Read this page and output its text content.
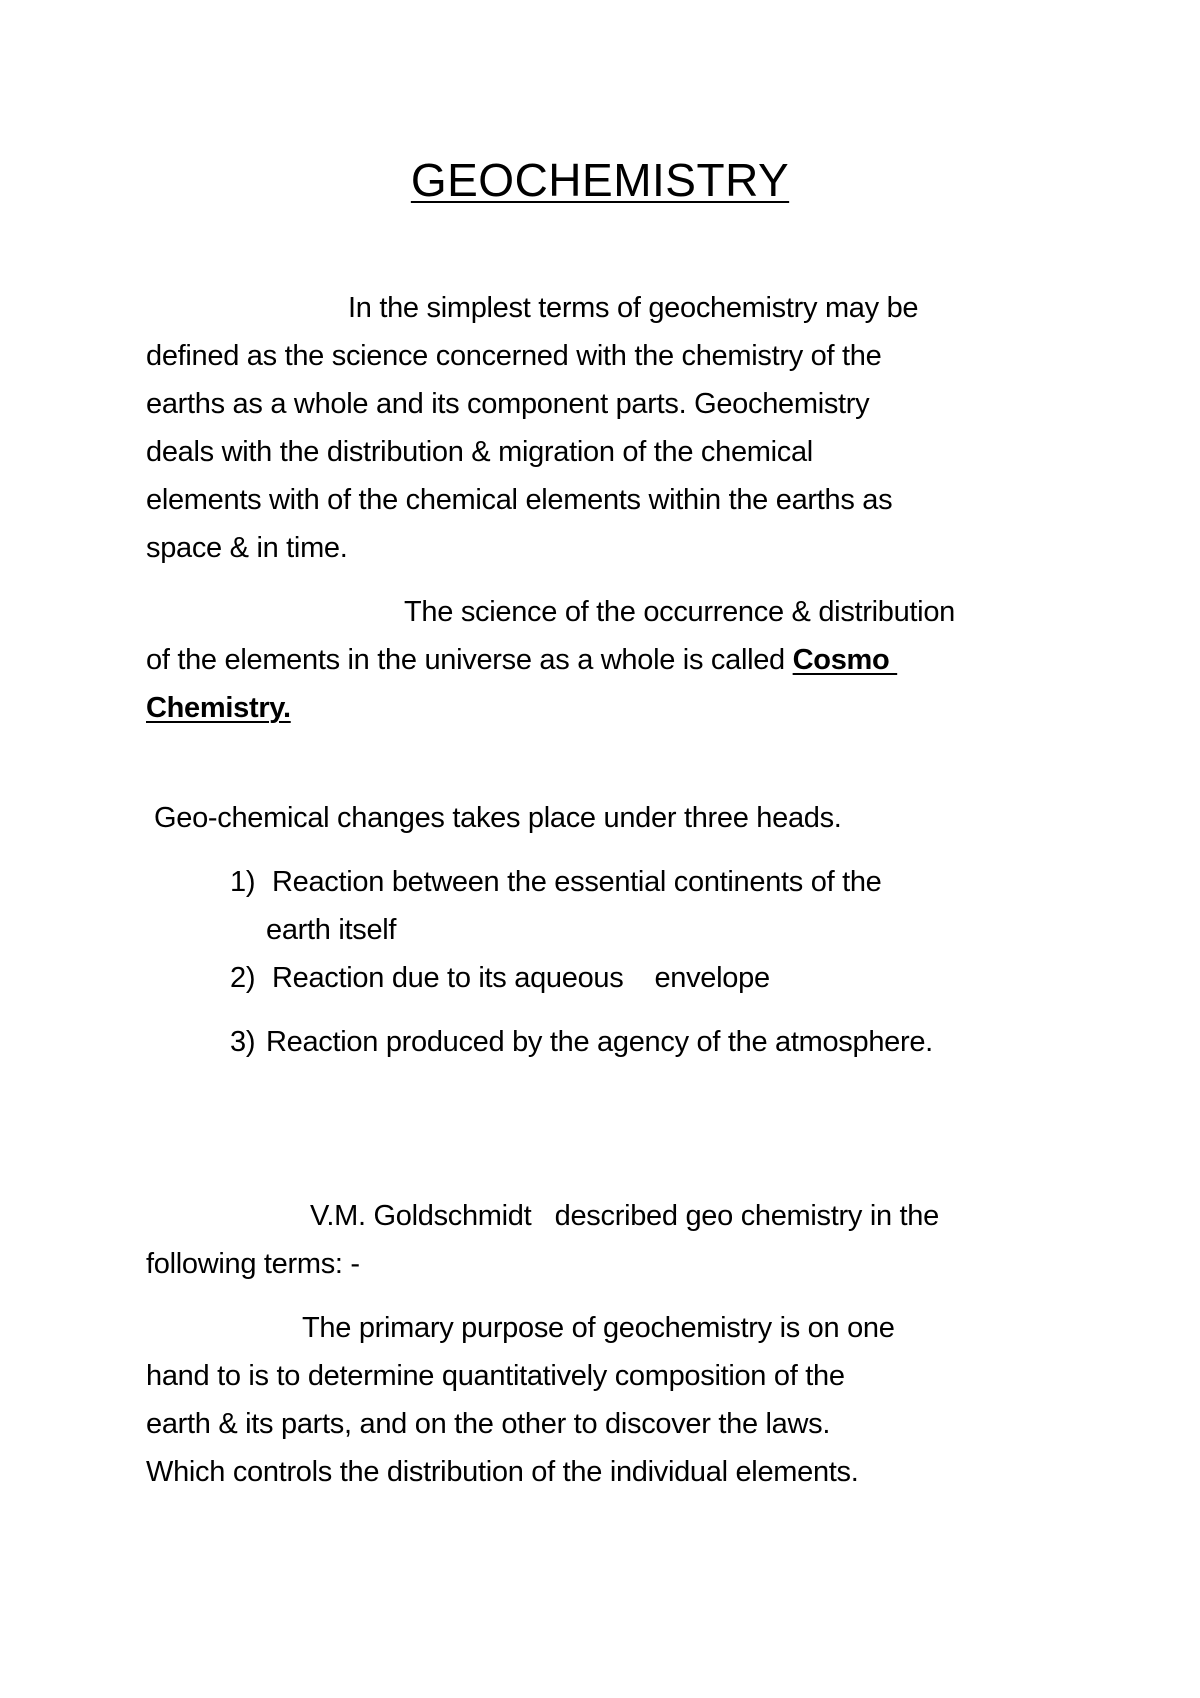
GEOCHEMISTRY
In the simplest terms of geochemistry may be
defined as the science concerned with the chemistry of the
earths as a whole and its component parts. Geochemistry
deals with the distribution & migration of the chemical
elements with of the chemical elements within the earths as
space & in time.
The science of the occurrence & distribution
of the elements in the universe as a whole is called Cosmo
Chemistry.
Geo-chemical changes takes place under three heads.
1) Reaction between the essential continents of the
earth itself
2) Reaction due to its aqueous    envelope
3) Reaction produced by the agency of the atmosphere.
V.M. Goldschmidt   described geo chemistry in the
following terms: -
The primary purpose of geochemistry is on one
hand to is to determine quantitatively composition of the
earth & its parts, and on the other to discover the laws.
Which controls the distribution of the individual elements.
